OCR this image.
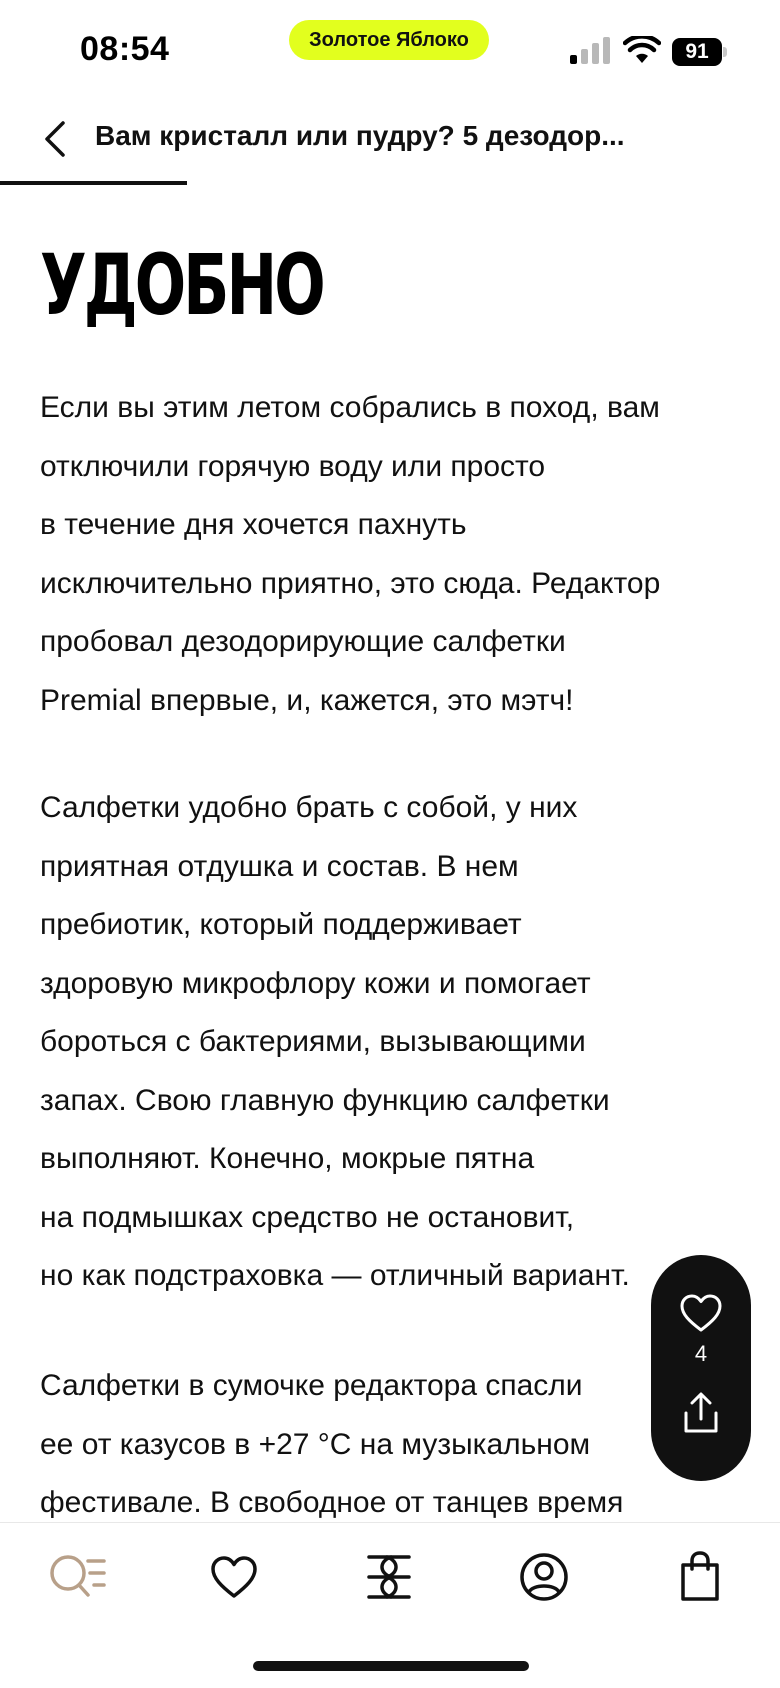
08:54	Золотое Яблоко
91
Вам кристалл или пудру? 5 дезодор...
УДОБНО
Если вы этим летом собрались в поход, вам
отключили горячую воду или просто
в течение дня хочется пахнуть
исключительно приятно, это сюда. Редактор
пробовал дезодорирующие салфетки
Premial впервые, и, кажется, это мэтч!
Салфетки удобно брать с собой, у них
приятная отдушка и состав. В нем
пребиотик, который поддерживает
здоровую микрофлору кожи и помогает
бороться с бактериями, вызывающими
запах. Свою главную функцию салфетки
выполняют. Конечно, мокрые пятна
на подмышках средство не остановит,
но как подстраховка — отличный вариант.
Салфетки в сумочке редактора спасли
ее от казусов в +27 °C на музыкальном
фестивале. В свободное от танцев время
4
